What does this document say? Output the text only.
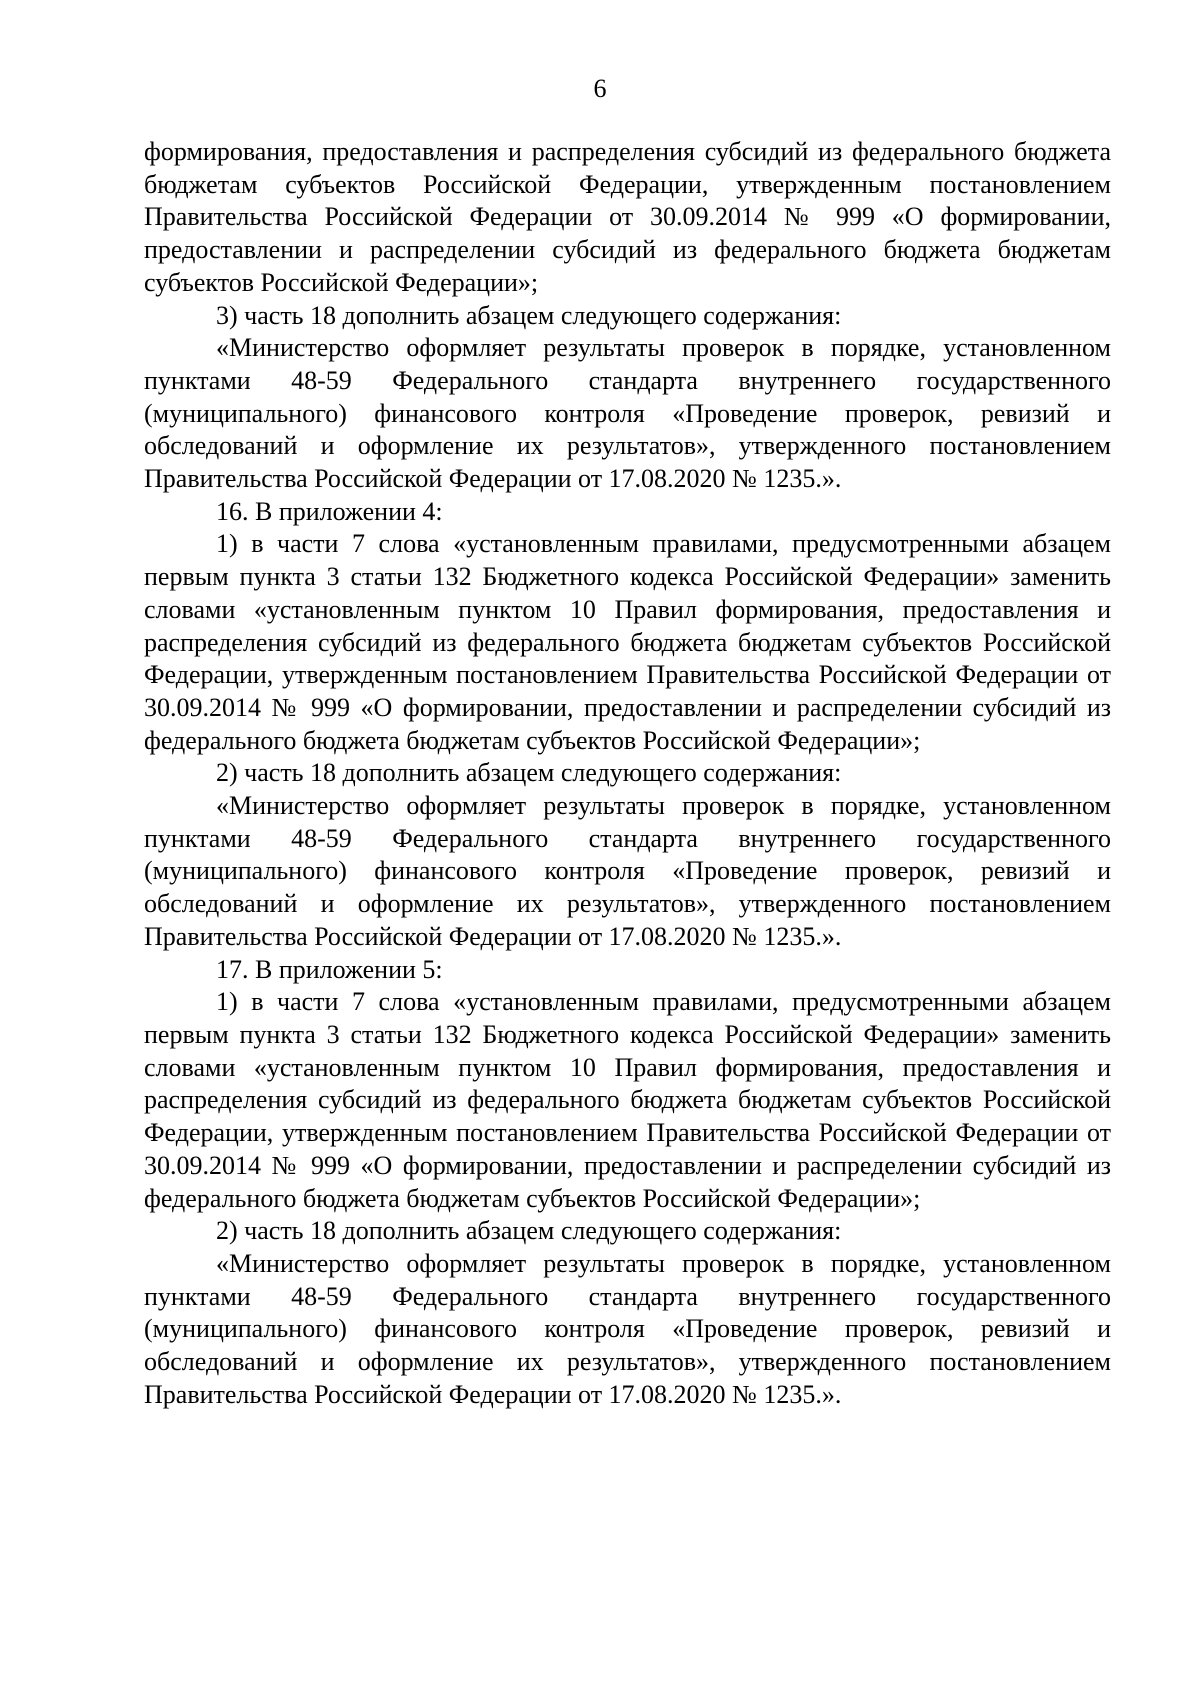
6

формирования, предоставления и распределения субсидий из федерального бюджета бюджетам субъектов Российской Федерации, утвержденным постановлением Правительства Российской Федерации от 30.09.2014 № 999 «О формировании, предоставлении и распределении субсидий из федерального бюджета бюджетам субъектов Российской Федерации»;

3) часть 18 дополнить абзацем следующего содержания:

«Министерство оформляет результаты проверок в порядке, установленном пунктами 48-59 Федерального стандарта внутреннего государственного (муниципального) финансового контроля «Проведение проверок, ревизий и обследований и оформление их результатов», утвержденного постановлением Правительства Российской Федерации от 17.08.2020 № 1235.».

16. В приложении 4:

1) в части 7 слова «установленным правилами, предусмотренными абзацем первым пункта 3 статьи 132 Бюджетного кодекса Российской Федерации» заменить словами «установленным пунктом 10 Правил формирования, предоставления и распределения субсидий из федерального бюджета бюджетам субъектов Российской Федерации, утвержденным постановлением Правительства Российской Федерации от 30.09.2014 № 999 «О формировании, предоставлении и распределении субсидий из федерального бюджета бюджетам субъектов Российской Федерации»;

2) часть 18 дополнить абзацем следующего содержания:

«Министерство оформляет результаты проверок в порядке, установленном пунктами 48-59 Федерального стандарта внутреннего государственного (муниципального) финансового контроля «Проведение проверок, ревизий и обследований и оформление их результатов», утвержденного постановлением Правительства Российской Федерации от 17.08.2020 № 1235.».

17. В приложении 5:

1) в части 7 слова «установленным правилами, предусмотренными абзацем первым пункта 3 статьи 132 Бюджетного кодекса Российской Федерации» заменить словами «установленным пунктом 10 Правил формирования, предоставления и распределения субсидий из федерального бюджета бюджетам субъектов Российской Федерации, утвержденным постановлением Правительства Российской Федерации от 30.09.2014 № 999 «О формировании, предоставлении и распределении субсидий из федерального бюджета бюджетам субъектов Российской Федерации»;

2) часть 18 дополнить абзацем следующего содержания:

«Министерство оформляет результаты проверок в порядке, установленном пунктами 48-59 Федерального стандарта внутреннего государственного (муниципального) финансового контроля «Проведение проверок, ревизий и обследований и оформление их результатов», утвержденного постановлением Правительства Российской Федерации от 17.08.2020 № 1235.».
